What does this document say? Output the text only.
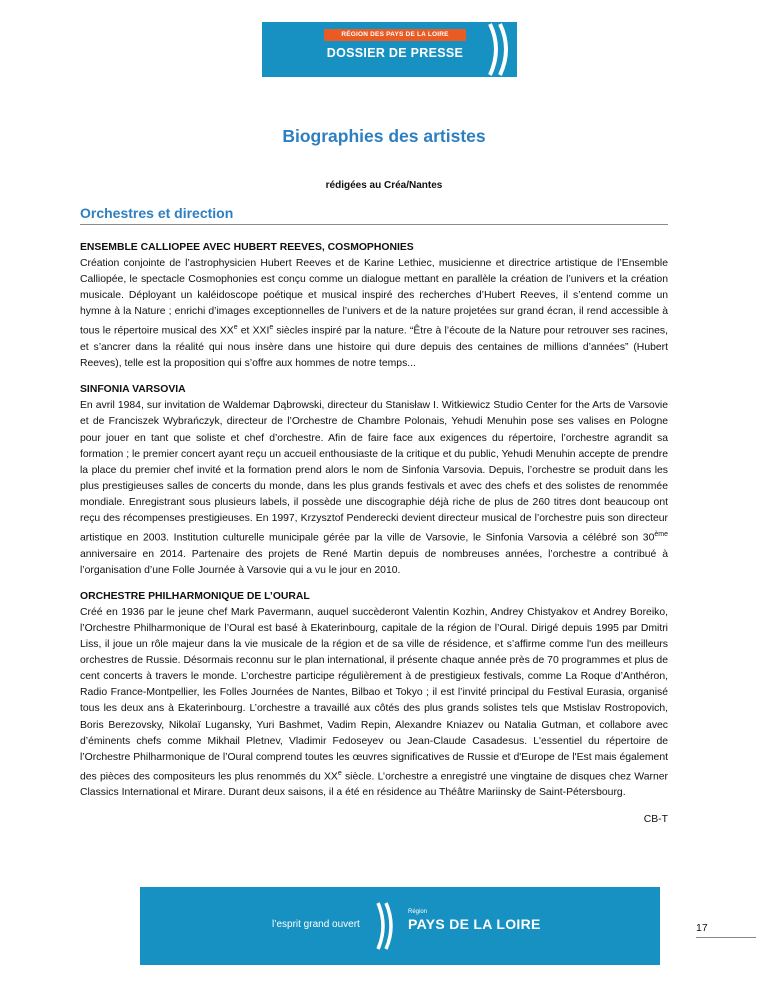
RÉGION DES PAYS DE LA LOIRE
DOSSIER DE PRESSE
Biographies des artistes
rédigées au Créa/Nantes
Orchestres et direction
ENSEMBLE CALLIOPEE AVEC HUBERT REEVES, COSMOPHONIES
Création conjointe de l’astrophysicien Hubert Reeves et de Karine Lethiec, musicienne et directrice artistique de l’Ensemble Calliopée, le spectacle Cosmophonies est conçu comme un dialogue mettant en parallèle la création de l’univers et la création musicale. Déployant un kaléidoscope poétique et musical inspiré des recherches d’Hubert Reeves, il s’entend comme un hymne à la Nature ; enrichi d’images exceptionnelles de l’univers et de la nature projetées sur grand écran, il rend accessible à tous le répertoire musical des XXe et XXIe siècles inspiré par la nature. “Être à l’écoute de la Nature pour retrouver ses racines, et s’ancrer dans la réalité qui nous insère dans une histoire qui dure depuis des centaines de millions d’années” (Hubert Reeves), telle est la proposition qui s’offre aux hommes de notre temps...
SINFONIA VARSOVIA
En avril 1984, sur invitation de Waldemar Dąbrowski, directeur du Stanisław I. Witkiewicz Studio Center for the Arts de Varsovie et de Franciszek Wybrańczyk, directeur de l’Orchestre de Chambre Polonais, Yehudi Menuhin pose ses valises en Pologne pour jouer en tant que soliste et chef d’orchestre. Afin de faire face aux exigences du répertoire, l’orchestre agrandit sa formation ; le premier concert ayant reçu un accueil enthousiaste de la critique et du public, Yehudi Menuhin accepte de prendre la place du premier chef invité et la formation prend alors le nom de Sinfonia Varsovia. Depuis, l’orchestre se produit dans les plus prestigieuses salles de concerts du monde, dans les plus grands festivals et avec des chefs et des solistes de renommée mondiale. Enregistrant sous plusieurs labels, il possède une discographie déjà riche de plus de 260 titres dont beaucoup ont reçu des récompenses prestigieuses. En 1997, Krzysztof Penderecki devient directeur musical de l’orchestre puis son directeur artistique en 2003. Institution culturelle municipale gérée par la ville de Varsovie, le Sinfonia Varsovia a célébré son 30ème anniversaire en 2014. Partenaire des projets de René Martin depuis de nombreuses années, l’orchestre a contribué à l’organisation d’une Folle Journée à Varsovie qui a vu le jour en 2010.
ORCHESTRE PHILHARMONIQUE DE L’OURAL
Créé en 1936 par le jeune chef Mark Pavermann, auquel succèderont Valentin Kozhin, Andrey Chistyakov et Andrey Boreiko, l’Orchestre Philharmonique de l’Oural est basé à Ekaterinbourg, capitale de la région de l’Oural. Dirigé depuis 1995 par Dmitri Liss, il joue un rôle majeur dans la vie musicale de la région et de sa ville de résidence, et s’affirme comme l'un des meilleurs orchestres de Russie. Désormais reconnu sur le plan international, il présente chaque année près de 70 programmes et plus de cent concerts à travers le monde. L’orchestre participe régulièrement à de prestigieux festivals, comme La Roque d’Anthéron, Radio France-Montpellier, les Folles Journées de Nantes, Bilbao et Tokyo ; il est l’invité principal du Festival Eurasia, organisé tous les deux ans à Ekaterinbourg. L’orchestre a travaillé aux côtés des plus grands solistes tels que Mstislav Rostropovich, Boris Berezovsky, Nikolaï Lugansky, Yuri Bashmet, Vadim Repin, Alexandre Kniazev ou Natalia Gutman, et collabore avec d’éminents chefs comme Mikhail Pletnev, Vladimir Fedoseyev ou Jean-Claude Casadesus. L'essentiel du répertoire de l’Orchestre Philharmonique de l’Oural comprend toutes les œuvres significatives de Russie et d'Europe de l'Est mais également des pièces des compositeurs les plus renommés du XXe siècle. L’orchestre a enregistré une vingtaine de disques chez Warner Classics International et Mirare. Durant deux saisons, il a été en résidence au Théâtre Mariinsky de Saint-Pétersbourg.
CB-T
l’esprit grand ouvert
Région
PAYS DE LA LOIRE	17
